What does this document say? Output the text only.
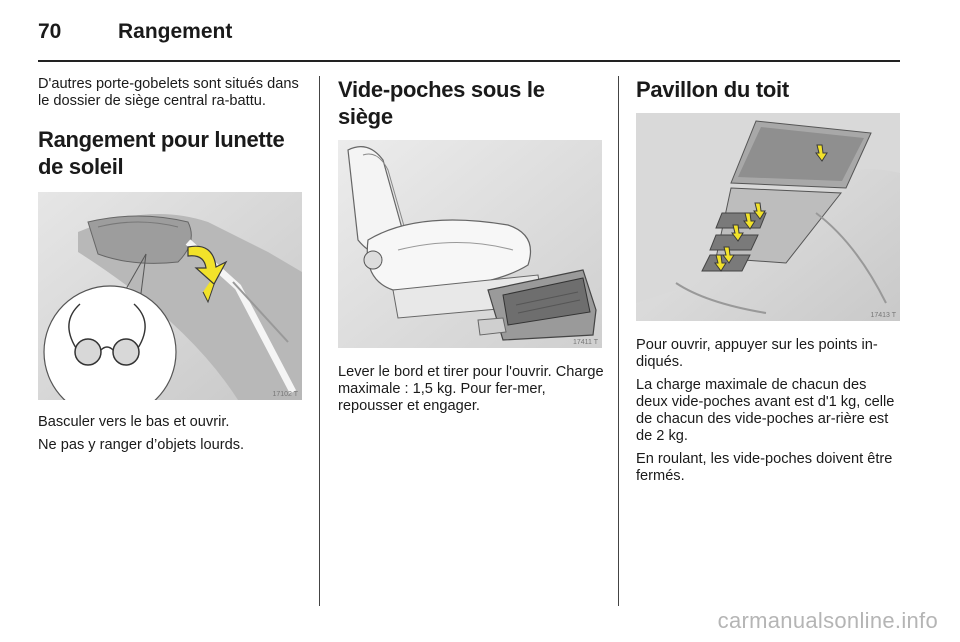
70	Rangement

D'autres porte-gobelets sont situés dans le dossier de siège central ra-battu.

Rangement pour lunette de soleil
17102 T

Basculer vers le bas et ouvrir.

Ne pas y ranger d’objets lourds.

Vide-poches sous le siège
17411 T

Lever le bord et tirer pour l'ouvrir. Charge maximale : 1,5 kg. Pour fer-mer, repousser et engager.

Pavillon du toit
17413 T

Pour ouvrir, appuyer sur les points in-diqués.

La charge maximale de chacun des deux vide-poches avant est d'1 kg, celle de chacun des vide-poches ar-rière est de 2 kg.

En roulant, les vide-poches doivent être fermés.

carmanualsonline.info
